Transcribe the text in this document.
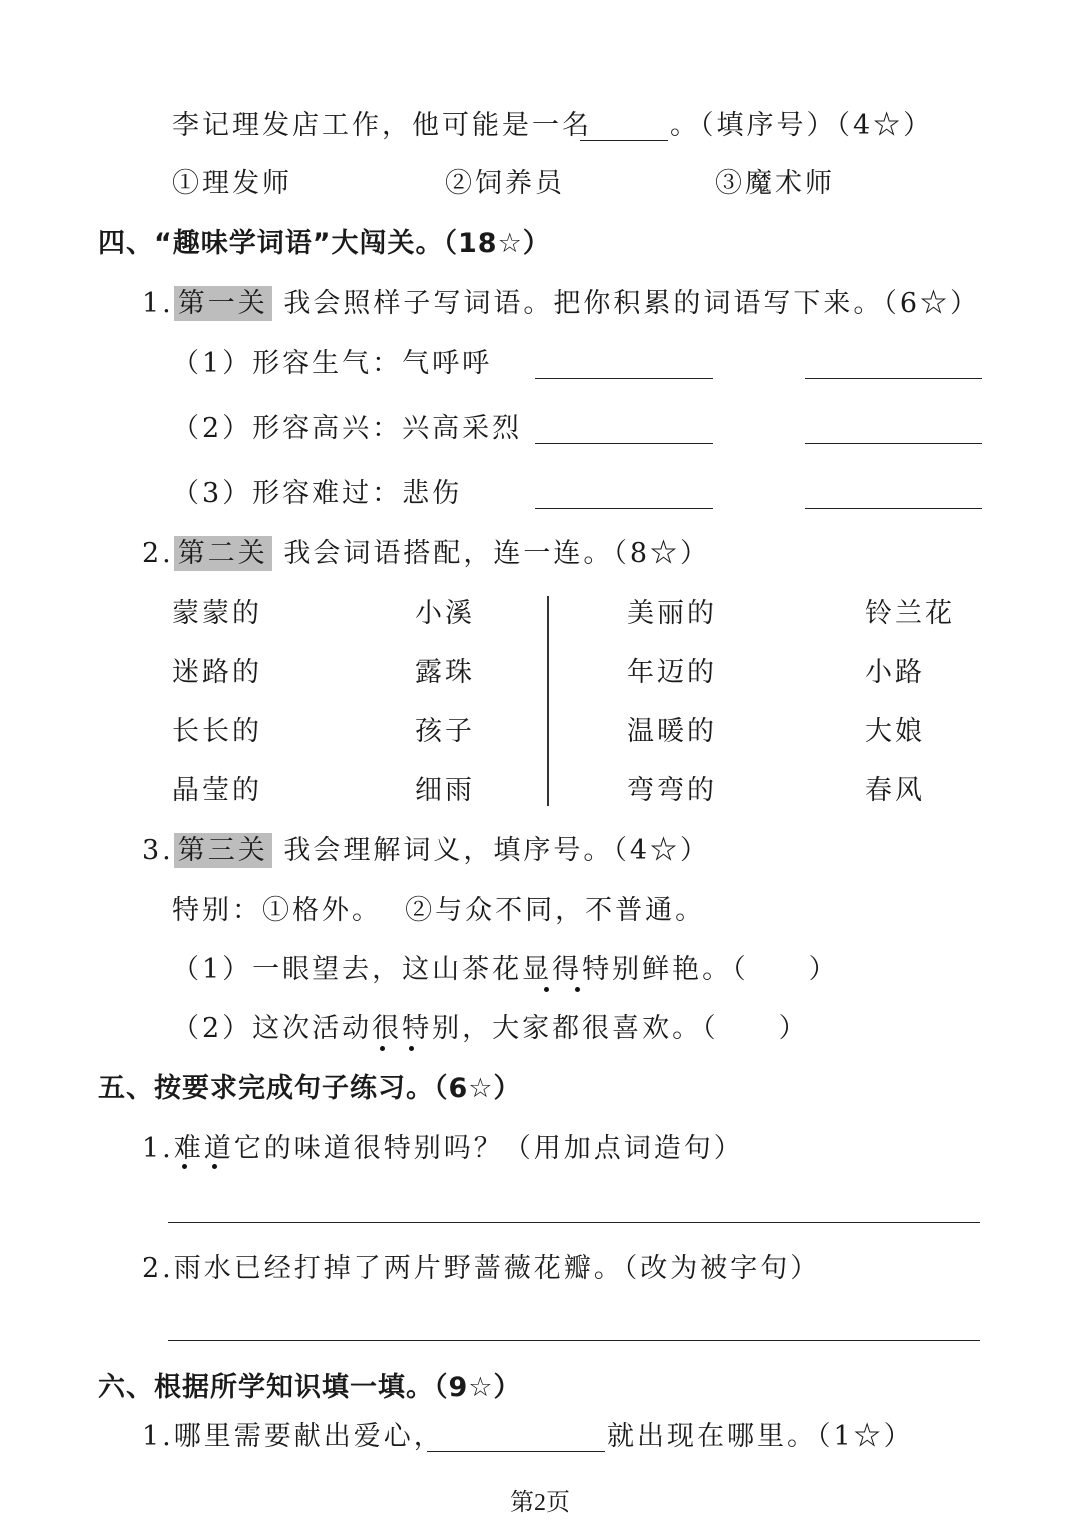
李记理发店工作，他可能是一名	。（填序号）（4☆）
①理发师	②饲养员	③魔术师
四、“趣味学词语”大闯关。（18☆）
1. 第一关 我会照样子写词语。把你积累的词语写下来。（6☆）
（1）形容生气：气呼呼
（2）形容高兴：兴高采烈
（3）形容难过：悲伤
2. 第二关 我会词语搭配，连一连。（8☆）
蒙蒙的	小溪	美丽的	铃兰花
迷路的	露珠	年迈的	小路
长长的	孩子	温暖的	大娘
晶莹的	细雨	弯弯的	春风
3. 第三关 我会理解词义，填序号。（4☆）
特别：①格外。  ②与众不同，不普通。
（1）一眼望去，这山茶花显得特别鲜艳。（　　）
（2）这次活动很特别，大家都很喜欢。（　　）
五、按要求完成句子练习。（6☆）
1.难道它的味道很特别吗？（用加点词造句）
2.雨水已经打掉了两片野蔷薇花瓣。（改为被字句）
六、根据所学知识填一填。（9☆）
1.哪里需要献出爱心，	就出现在哪里。（1☆）
第2页
